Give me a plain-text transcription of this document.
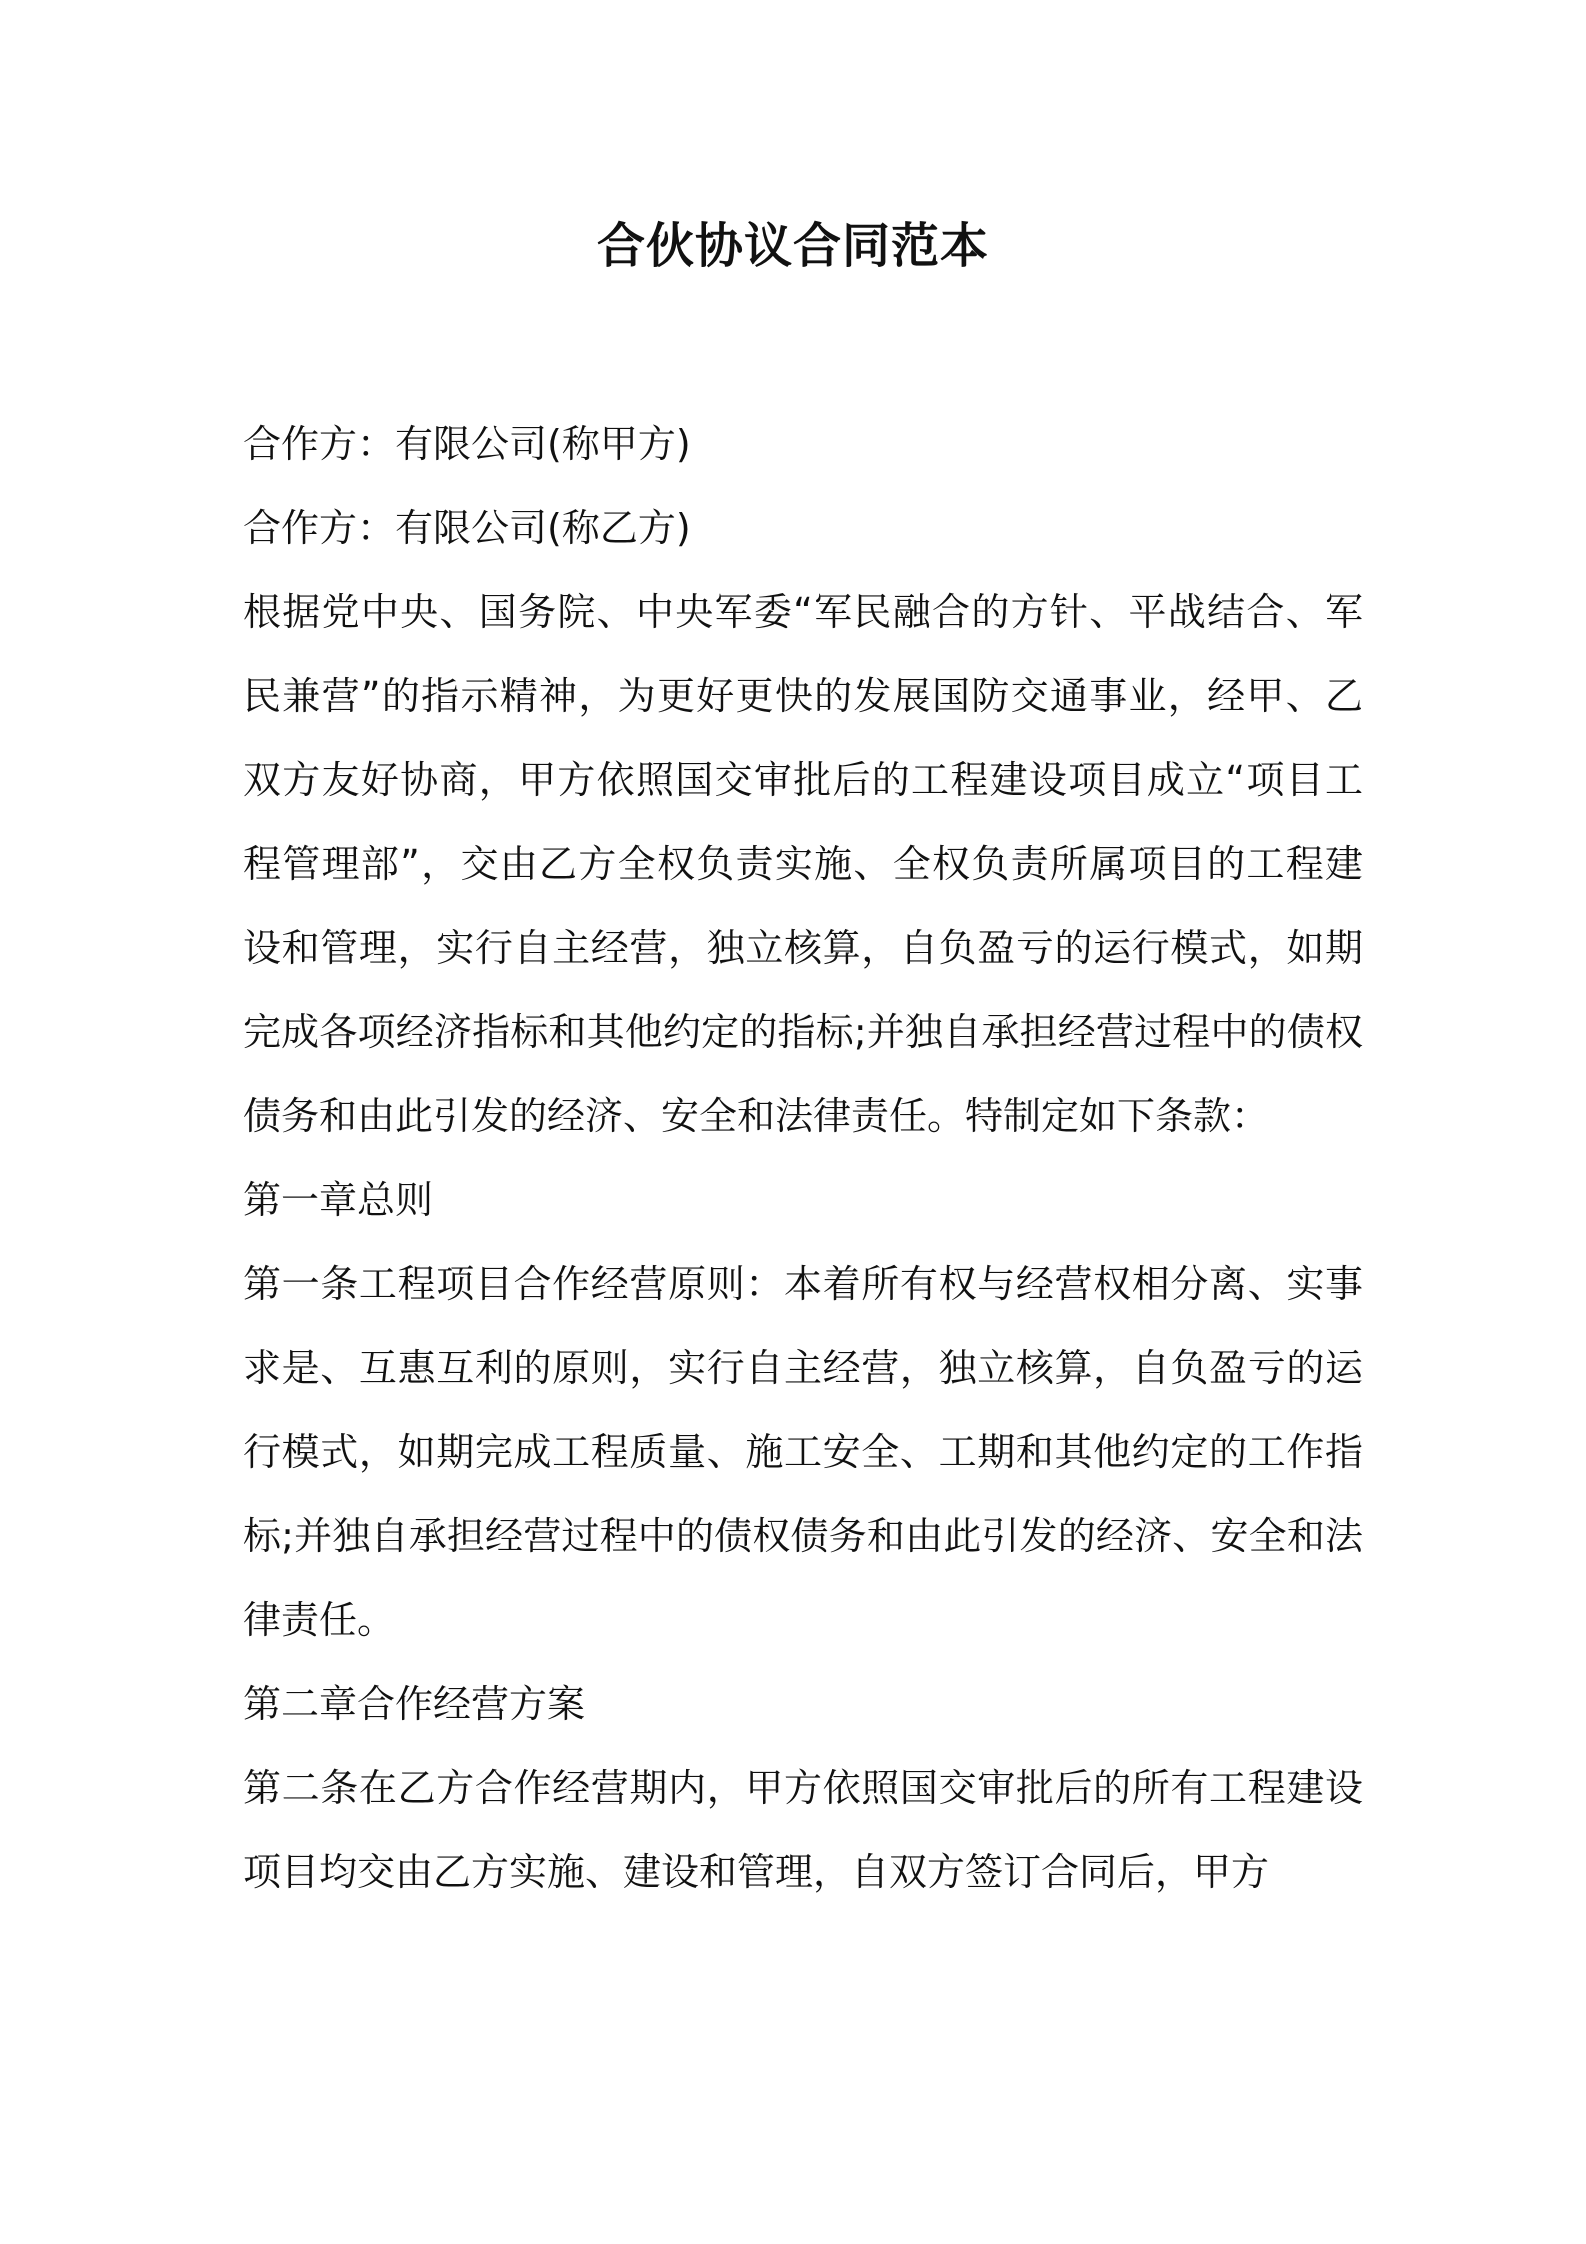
合伙协议合同范本

合作方：有限公司(称甲方)

合作方：有限公司(称乙方)

根据党中央、国务院、中央军委“军民融合的方针、平战结合、军民兼营”的指示精神，为更好更快的发展国防交通事业，经甲、乙双方友好协商，甲方依照国交审批后的工程建设项目成立“项目工程管理部”，交由乙方全权负责实施、全权负责所属项目的工程建设和管理，实行自主经营，独立核算，自负盈亏的运行模式，如期完成各项经济指标和其他约定的指标;并独自承担经营过程中的债权债务和由此引发的经济、安全和法律责任。特制定如下条款：

第一章总则

第一条工程项目合作经营原则：本着所有权与经营权相分离、实事求是、互惠互利的原则，实行自主经营，独立核算，自负盈亏的运行模式，如期完成工程质量、施工安全、工期和其他约定的工作指标;并独自承担经营过程中的债权债务和由此引发的经济、安全和法律责任。

第二章合作经营方案

第二条在乙方合作经营期内，甲方依照国交审批后的所有工程建设项目均交由乙方实施、建设和管理，自双方签订合同后，甲方
